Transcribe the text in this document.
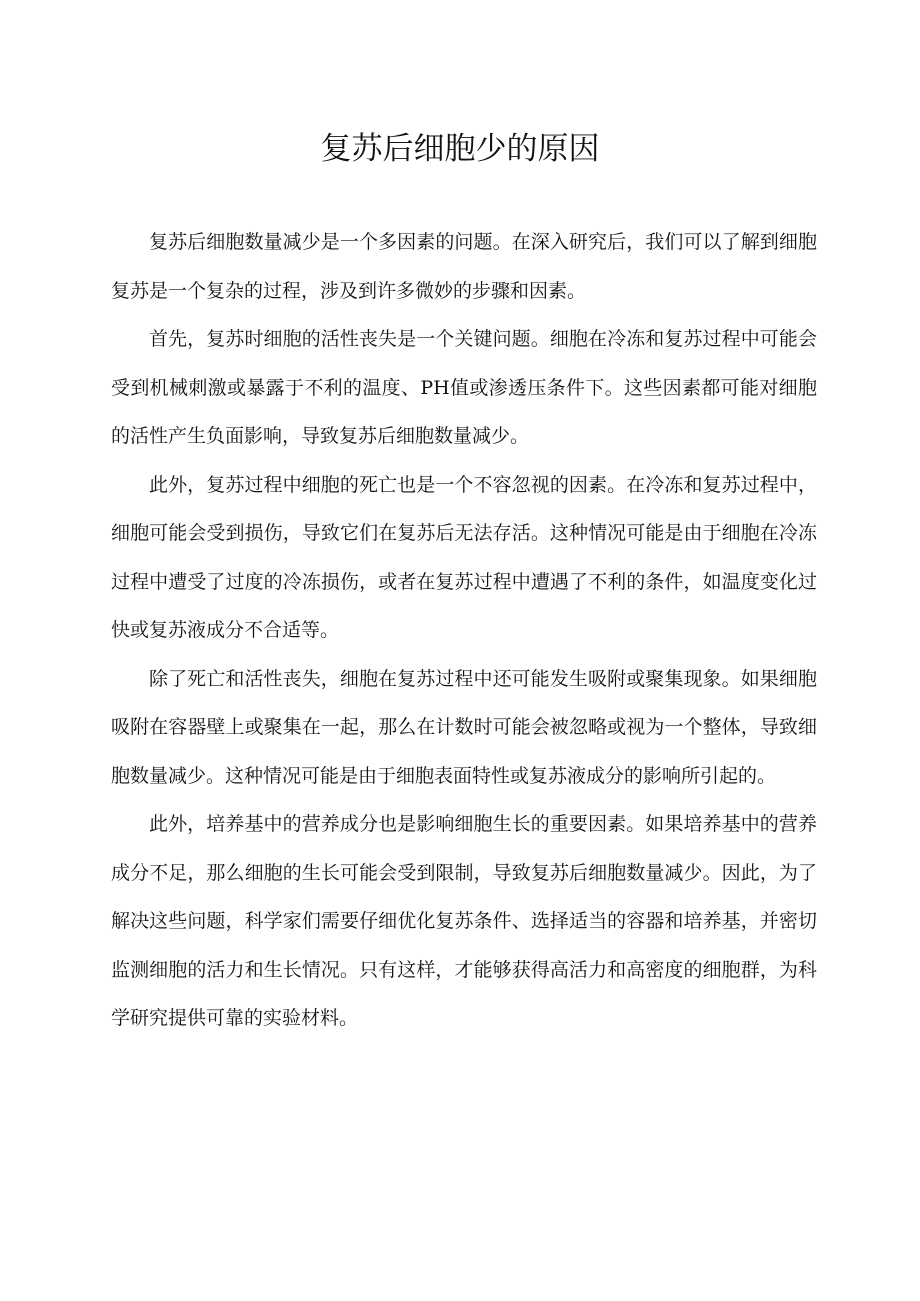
复苏后细胞少的原因

复苏后细胞数量减少是一个多因素的问题。在深入研究后，我们可以了解到细胞复苏是一个复杂的过程，涉及到许多微妙的步骤和因素。

首先，复苏时细胞的活性丧失是一个关键问题。细胞在冷冻和复苏过程中可能会受到机械刺激或暴露于不利的温度、PH值或渗透压条件下。这些因素都可能对细胞的活性产生负面影响，导致复苏后细胞数量减少。

此外，复苏过程中细胞的死亡也是一个不容忽视的因素。在冷冻和复苏过程中，细胞可能会受到损伤，导致它们在复苏后无法存活。这种情况可能是由于细胞在冷冻过程中遭受了过度的冷冻损伤，或者在复苏过程中遭遇了不利的条件，如温度变化过快或复苏液成分不合适等。

除了死亡和活性丧失，细胞在复苏过程中还可能发生吸附或聚集现象。如果细胞吸附在容器壁上或聚集在一起，那么在计数时可能会被忽略或视为一个整体，导致细胞数量减少。这种情况可能是由于细胞表面特性或复苏液成分的影响所引起的。

此外，培养基中的营养成分也是影响细胞生长的重要因素。如果培养基中的营养成分不足，那么细胞的生长可能会受到限制，导致复苏后细胞数量减少。因此，为了解决这些问题，科学家们需要仔细优化复苏条件、选择适当的容器和培养基，并密切监测细胞的活力和生长情况。只有这样，才能够获得高活力和高密度的细胞群，为科学研究提供可靠的实验材料。
